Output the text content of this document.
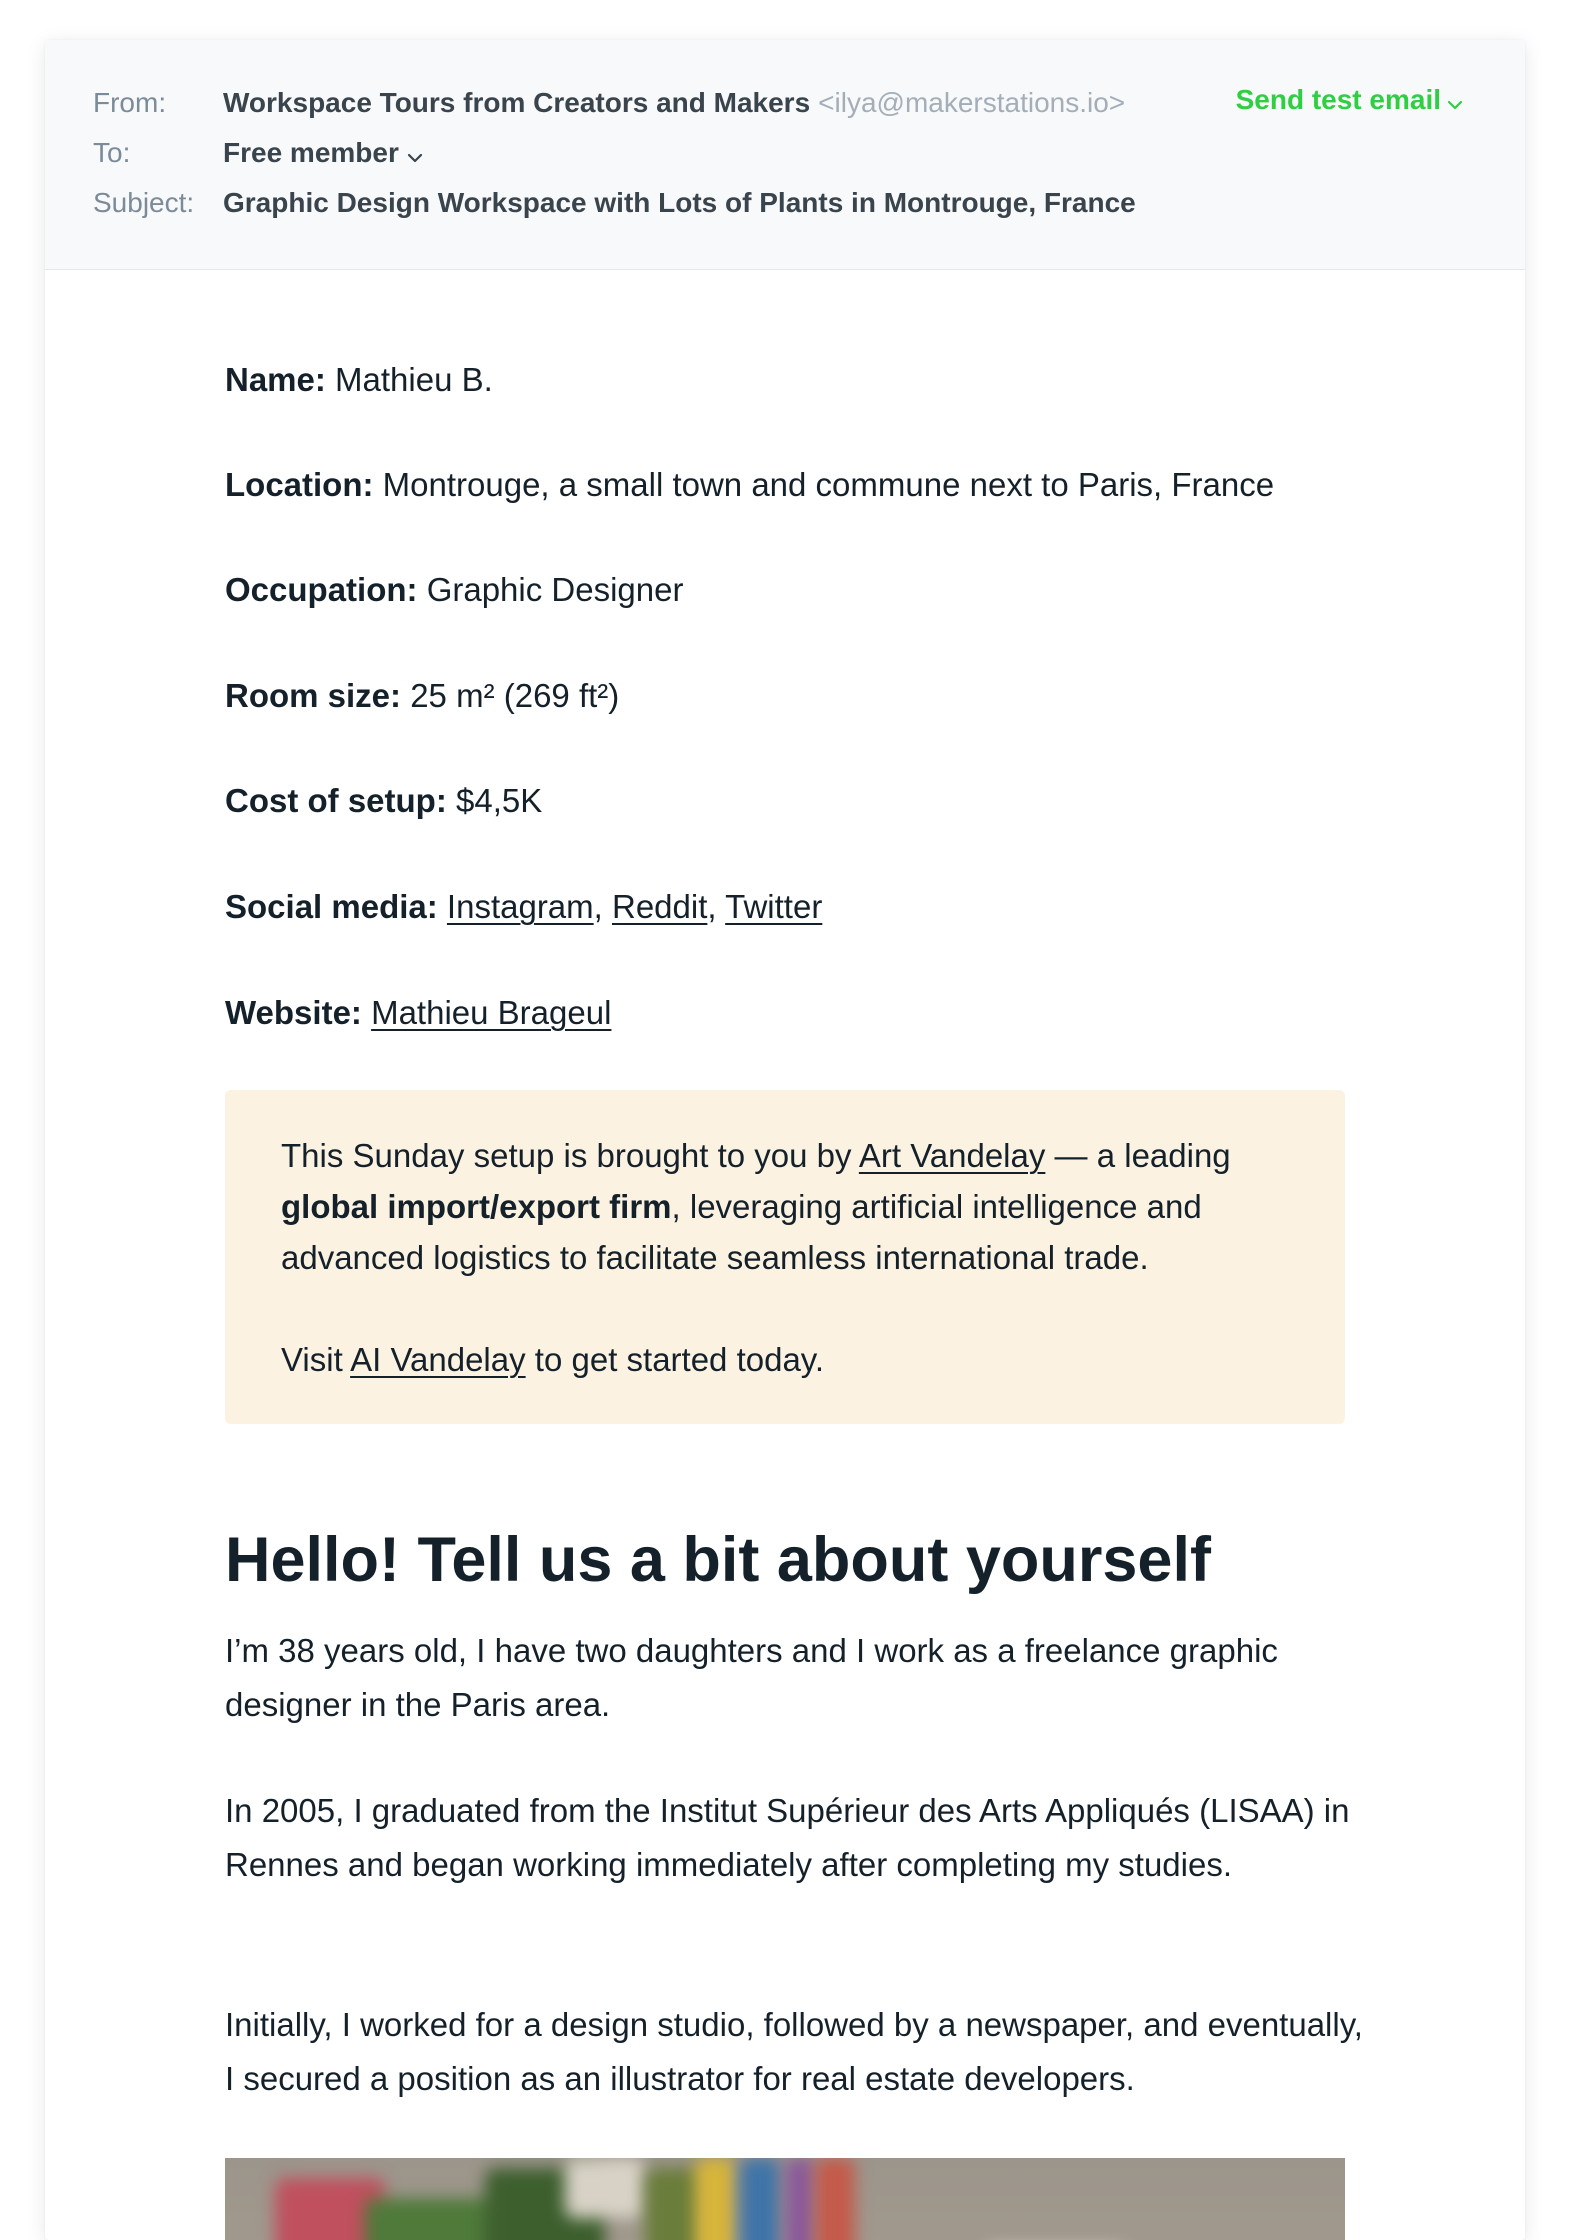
From: Workspace Tours from Creators and Makers <ilya@makerstations.io>
To:	Free member
Subject: Graphic Design Workspace with Lots of Plants in Montrouge, France
Send test email
Name: Mathieu B.
Location: Montrouge, a small town and commune next to Paris, France
Occupation: Graphic Designer
Room size: 25 m² (269 ft²)
Cost of setup: $4,5K
Social media: Instagram, Reddit, Twitter
Website: Mathieu Brageul

This Sunday setup is brought to you by Art Vandelay — a leading global import/export firm, leveraging artificial intelligence and advanced logistics to facilitate seamless international trade.

Visit AI Vandelay to get started today.

Hello! Tell us a bit about yourself

I’m 38 years old, I have two daughters and I work as a freelance graphic designer in the Paris area.

In 2005, I graduated from the Institut Supérieur des Arts Appliqués (LISAA) in Rennes and began working immediately after completing my studies.

Initially, I worked for a design studio, followed by a newspaper, and eventually, I secured a position as an illustrator for real estate developers.
